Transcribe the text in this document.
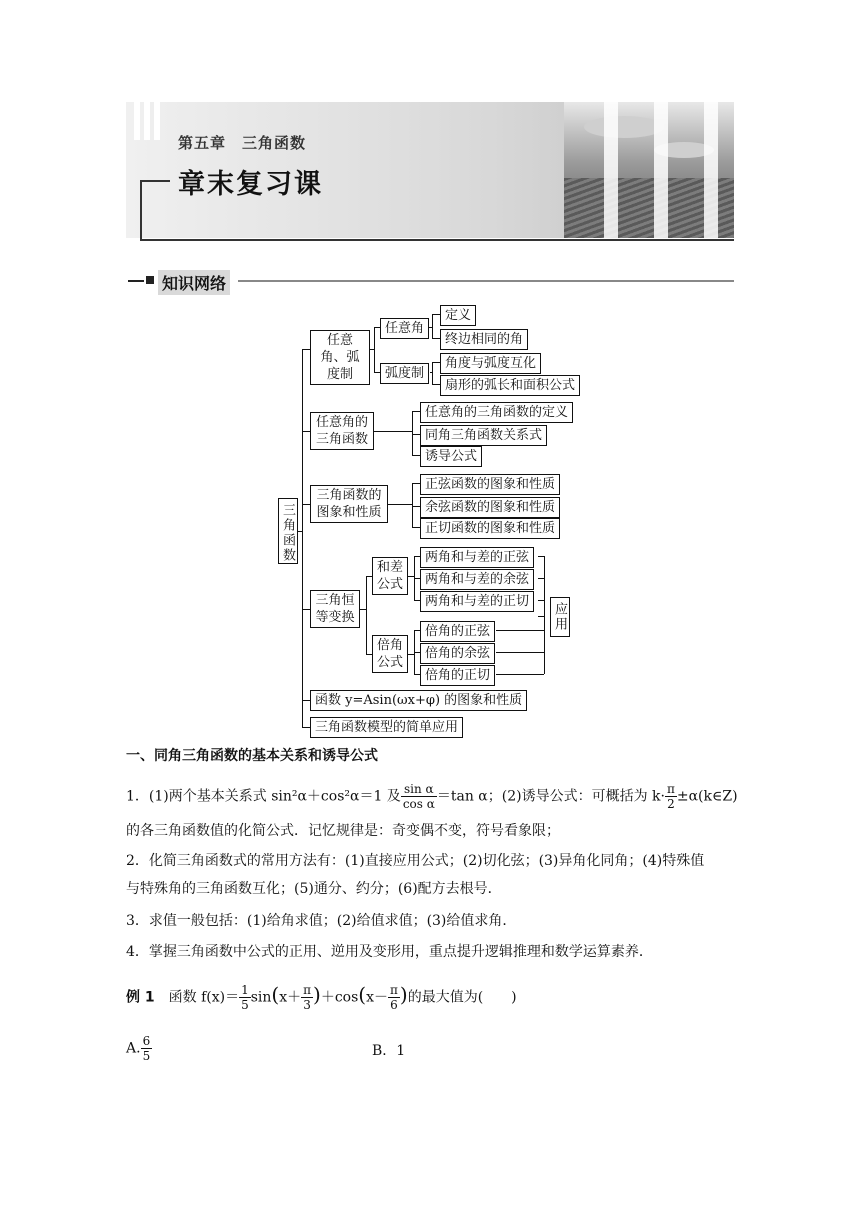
第五章　三角函数
章末复习课
知识网络
三角函数
任意角、弧度制
任意角
定义
终边相同的角
弧度制
角度与弧度互化
扇形的弧长和面积公式
任意角的三角函数
任意角的三角函数的定义
同角三角函数关系式
诱导公式
三角函数的图象和性质
正弦函数的图象和性质
余弦函数的图象和性质
正切函数的图象和性质
三角恒等变换
和差公式
两角和与差的正弦
两角和与差的余弦
两角和与差的正切
倍角公式
倍角的正弦
倍角的余弦
倍角的正切
应用
函数 y=Asin(ωx+φ) 的图象和性质
三角函数模型的简单应用
一、同角三角函数的基本关系和诱导公式
1．(1)两个基本关系式 sin²α＋cos²α＝1 及 $\frac{\text{sin α}}{\text{cos α}} =\tan$ α；(2)诱导公式：可概括为 $k\cdot \frac{\pi}{2}$ ±α(k∈Z)
的各三角函数值的化简公式．记忆规律是：奇变偶不变，符号看象限；
2．化简三角函数式的常用方法有：(1)直接应用公式；(2)切化弦；(3)异角化同角；(4)特殊值
与特殊角的三角函数互化；(5)通分、约分；(6)配方去根号．
3．求值一般包括：(1)给角求值；(2)给值求值；(3)给值求角．
4．掌握三角函数中公式的正用、逆用及变形用，重点提升逻辑推理和数学运算素养．
例 1  函数 $f(x)= \frac{1}{5} \sin(x+ \frac{\pi}{3} )+\cos(x- \frac{\pi}{6}$ )的最大值为(　　)
A. $\frac{6}{5}$	B．1
